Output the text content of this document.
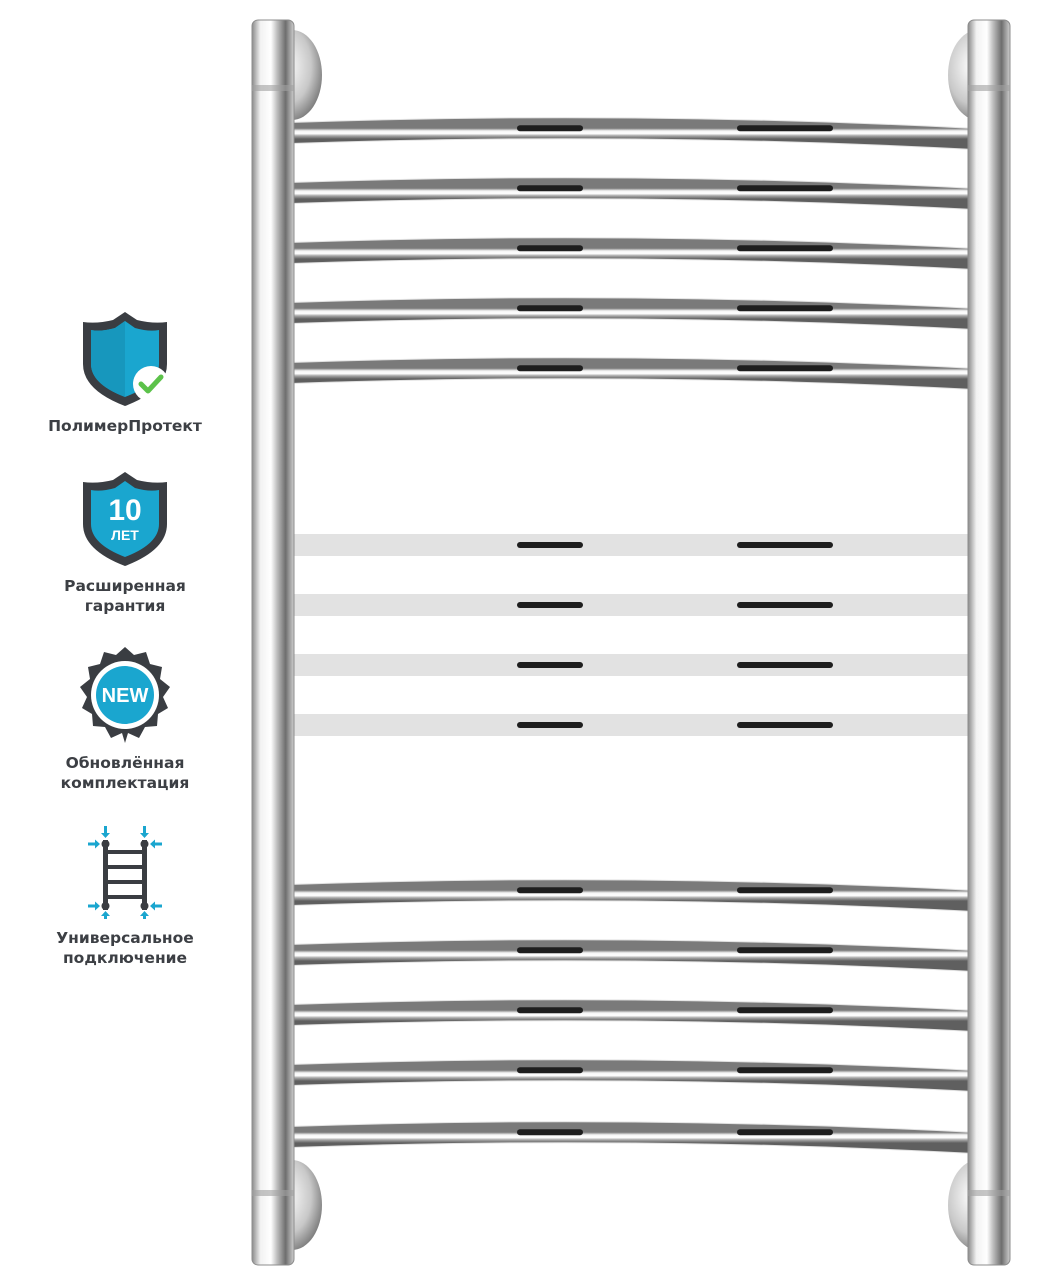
ПолимерПротект
10
ЛЕТ
Расширенная
гарантия
NEW
Обновлённая
комплектация
Универсальное
подключение
